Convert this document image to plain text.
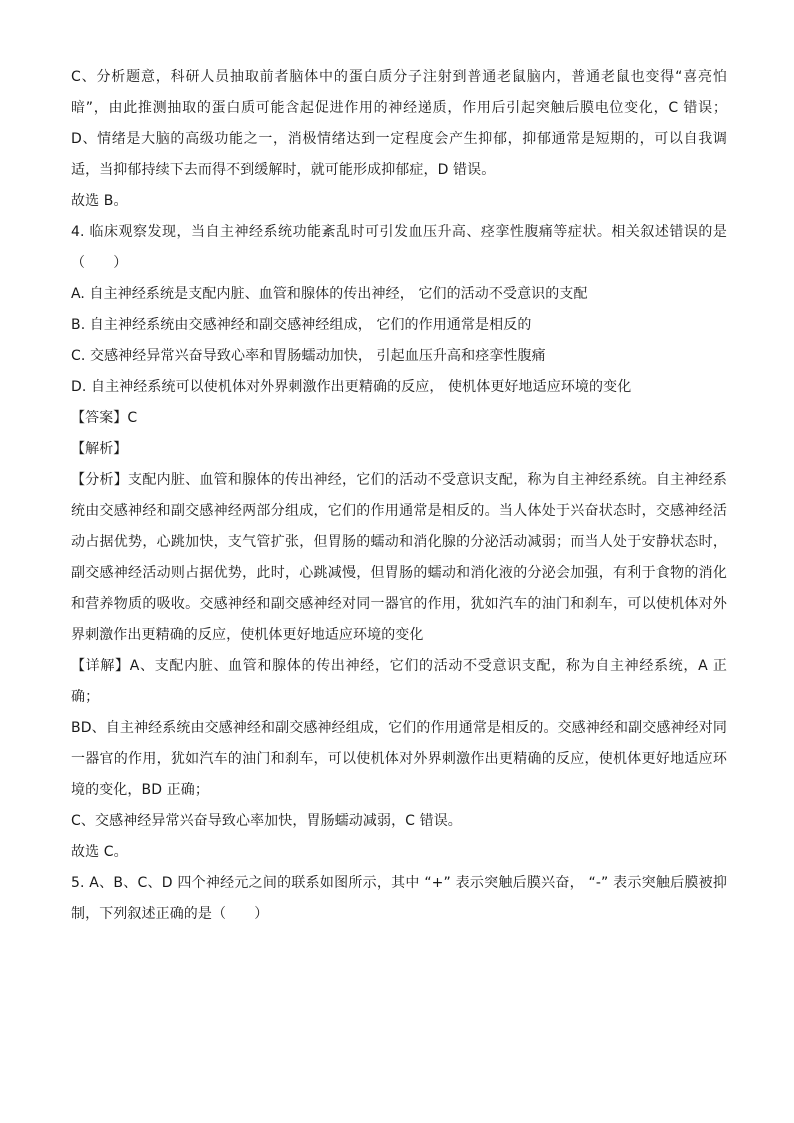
C、分析题意，科研人员抽取前者脑体中的蛋白质分子注射到普通老鼠脑内，普通老鼠也变得“喜亮怕
暗”，由此推测抽取的蛋白质可能含起促进作用的神经递质，作用后引起突触后膜电位变化，C 错误；
D、情绪是大脑的高级功能之一，消极情绪达到一定程度会产生抑郁，抑郁通常是短期的，可以自我调
适，当抑郁持续下去而得不到缓解时，就可能形成抑郁症，D 错误。
故选 B。
4. 临床观察发现，当自主神经系统功能紊乱时可引发血压升高、痉挛性腹痛等症状。相关叙述错误的是
（　　）
A. 自主神经系统是支配内脏、血管和腺体的传出神经， 它们的活动不受意识的支配
B. 自主神经系统由交感神经和副交感神经组成， 它们的作用通常是相反的
C. 交感神经异常兴奋导致心率和胃肠蠕动加快， 引起血压升高和痉挛性腹痛
D. 自主神经系统可以使机体对外界刺激作出更精确的反应， 使机体更好地适应环境的变化
【答案】C
【解析】
【分析】支配内脏、血管和腺体的传出神经，它们的活动不受意识支配，称为自主神经系统。自主神经系
统由交感神经和副交感神经两部分组成，它们的作用通常是相反的。当人体处于兴奋状态时，交感神经活
动占据优势，心跳加快，支气管扩张，但胃肠的蠕动和消化腺的分泌活动减弱；而当人处于安静状态时，
副交感神经活动则占据优势，此时，心跳减慢，但胃肠的蠕动和消化液的分泌会加强，有利于食物的消化
和营养物质的吸收。交感神经和副交感神经对同一器官的作用，犹如汽车的油门和刹车，可以使机体对外
界刺激作出更精确的反应，使机体更好地适应环境的变化
【详解】A、支配内脏、血管和腺体的传出神经，它们的活动不受意识支配，称为自主神经系统，A 正
确；
BD、自主神经系统由交感神经和副交感神经组成，它们的作用通常是相反的。交感神经和副交感神经对同
一器官的作用，犹如汽车的油门和刹车，可以使机体对外界刺激作出更精确的反应，使机体更好地适应环
境的变化，BD 正确；
C、交感神经异常兴奋导致心率加快，胃肠蠕动减弱，C 错误。
故选 C。
5. A、B、C、D 四个神经元之间的联系如图所示，其中 “+” 表示突触后膜兴奋， “-” 表示突触后膜被抑
制，下列叙述正确的是（　　）
